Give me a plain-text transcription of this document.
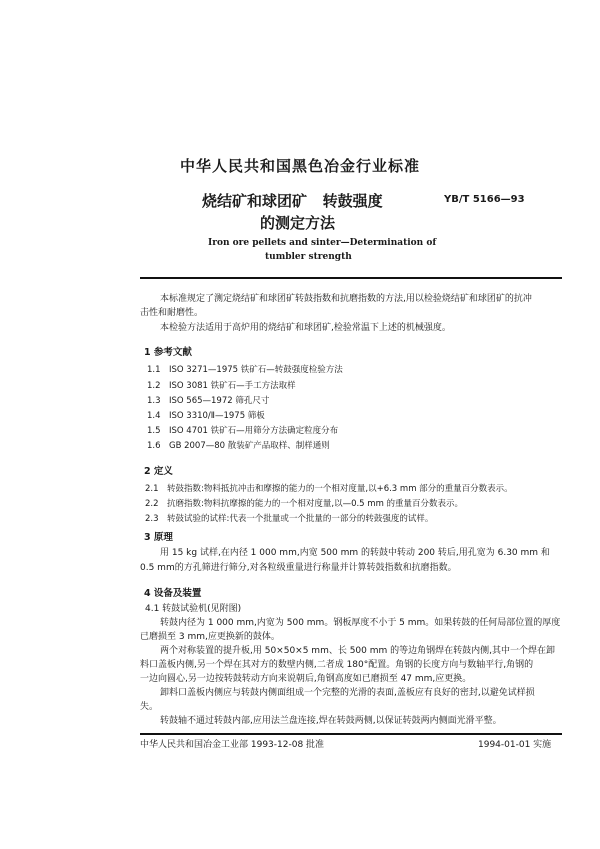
中华人民共和国黑色冶金行业标准
烧结矿和球团矿   转鼓强度
的测定方法
YB/T 5166—93
Iron ore pellets and sinter—Determination of
tumbler strength
本标准规定了测定烧结矿和球团矿转鼓指数和抗磨指数的方法,用以检验烧结矿和球团矿的抗冲
击性和耐磨性。
本检验方法适用于高炉用的烧结矿和球团矿,检验常温下上述的机械强度。
1 参考文献
1.1 ISO 3271—1975 铁矿石—转鼓强度检验方法
1.2 ISO 3081 铁矿石—手工方法取样
1.3 ISO 565—1972 筛孔尺寸
1.4 ISO 3310/Ⅱ—1975 筛板
1.5 ISO 4701 铁矿石—用筛分方法确定粒度分布
1.6 GB 2007—80 散装矿产品取样、制样通则
2 定义
2.1 转鼓指数:物料抵抗冲击和摩擦的能力的一个相对度量,以+6.3 mm 部分的重量百分数表示。
2.2 抗磨指数:物料抗摩擦的能力的一个相对度量,以—0.5 mm 的重量百分数表示。
2.3 转鼓试验的试样:代表一个批量或一个批量的一部分的转鼓强度的试样。
3 原理
用 15 kg 试样,在内径 1 000 mm,内宽 500 mm 的转鼓中转动 200 转后,用孔宽为 6.30 mm 和
0.5 mm的方孔筛进行筛分,对各粒级重量进行称量并计算转鼓指数和抗磨指数。
4 设备及装置
4.1 转鼓试验机(见附图)
转鼓内径为 1 000 mm,内宽为 500 mm。钢板厚度不小于 5 mm。如果转鼓的任何局部位置的厚度
已磨损至 3 mm,应更换新的鼓体。
两个对称装置的提升板,用 50×50×5 mm、长 500 mm 的等边角钢焊在转鼓内侧,其中一个焊在卸
料口盖板内侧,另一个焊在其对方的数壁内侧,二者成 180°配置。角钢的长度方向与数轴平行,角钢的
一边向圆心,另一边按转鼓转动方向来说朝后,角钢高度如已磨损至 47 mm,应更换。
卸料口盖板内侧应与转鼓内侧面组成一个完整的光滑的表面,盖板应有良好的密封,以避免试样损
失。
转鼓轴不通过转鼓内部,应用法兰盘连接,焊在转鼓两侧,以保证转鼓两内侧面光滑平整。
中华人民共和国冶金工业部 1993-12-08 批准	1994-01-01 实施
